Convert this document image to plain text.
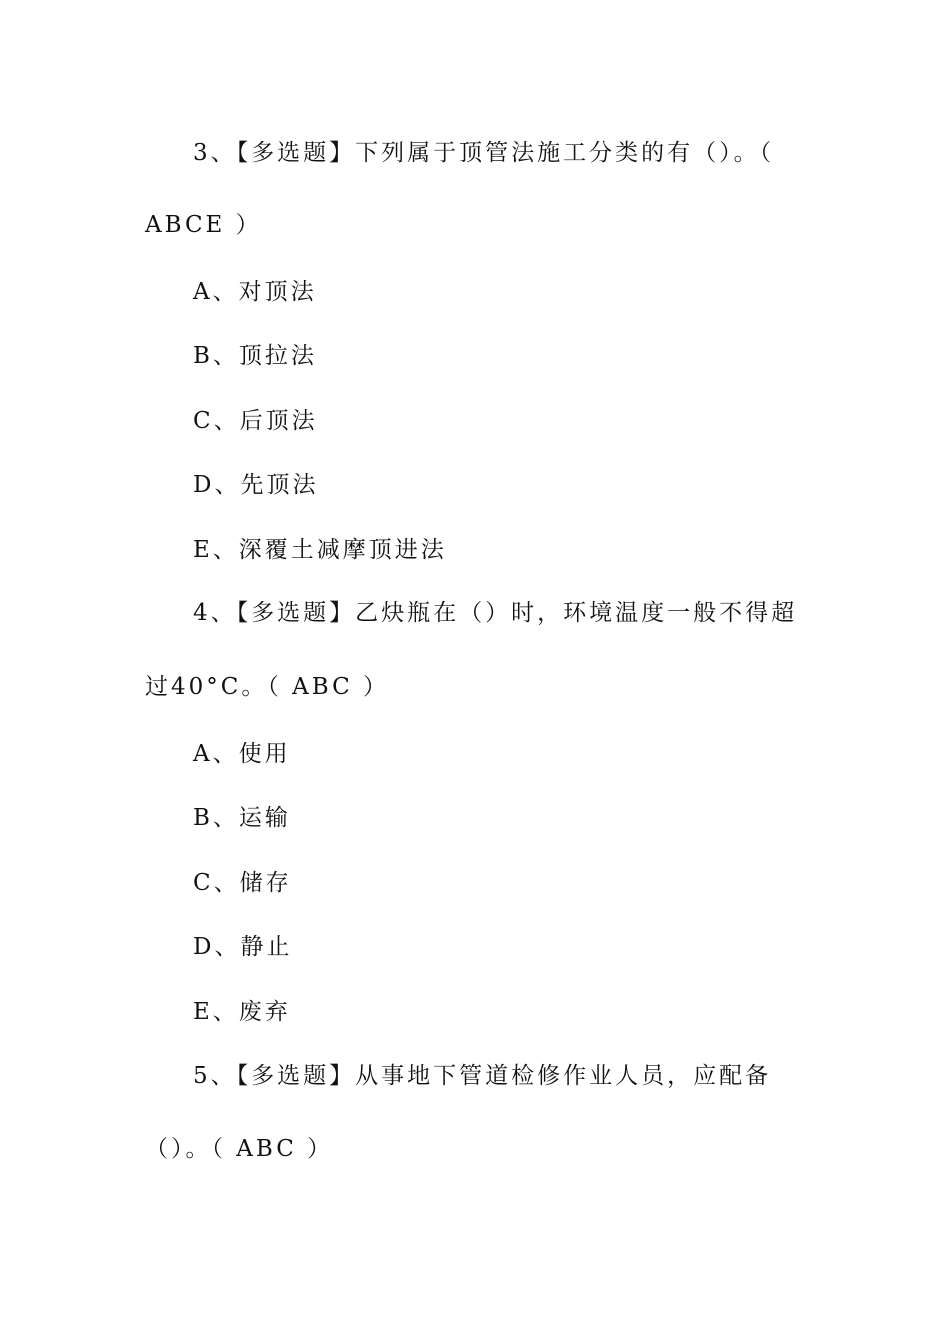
3、【多选题】下列属于顶管法施工分类的有（）。（
ABCE ）
A、对顶法
B、顶拉法
C、后顶法
D、先顶法
E、深覆土减摩顶进法
4、【多选题】乙炔瓶在（）时，环境温度一般不得超
过40°C。（ ABC ）
A、使用
B、运输
C、储存
D、静止
E、废弃
5、【多选题】从事地下管道检修作业人员，应配备
（）。（ ABC ）
